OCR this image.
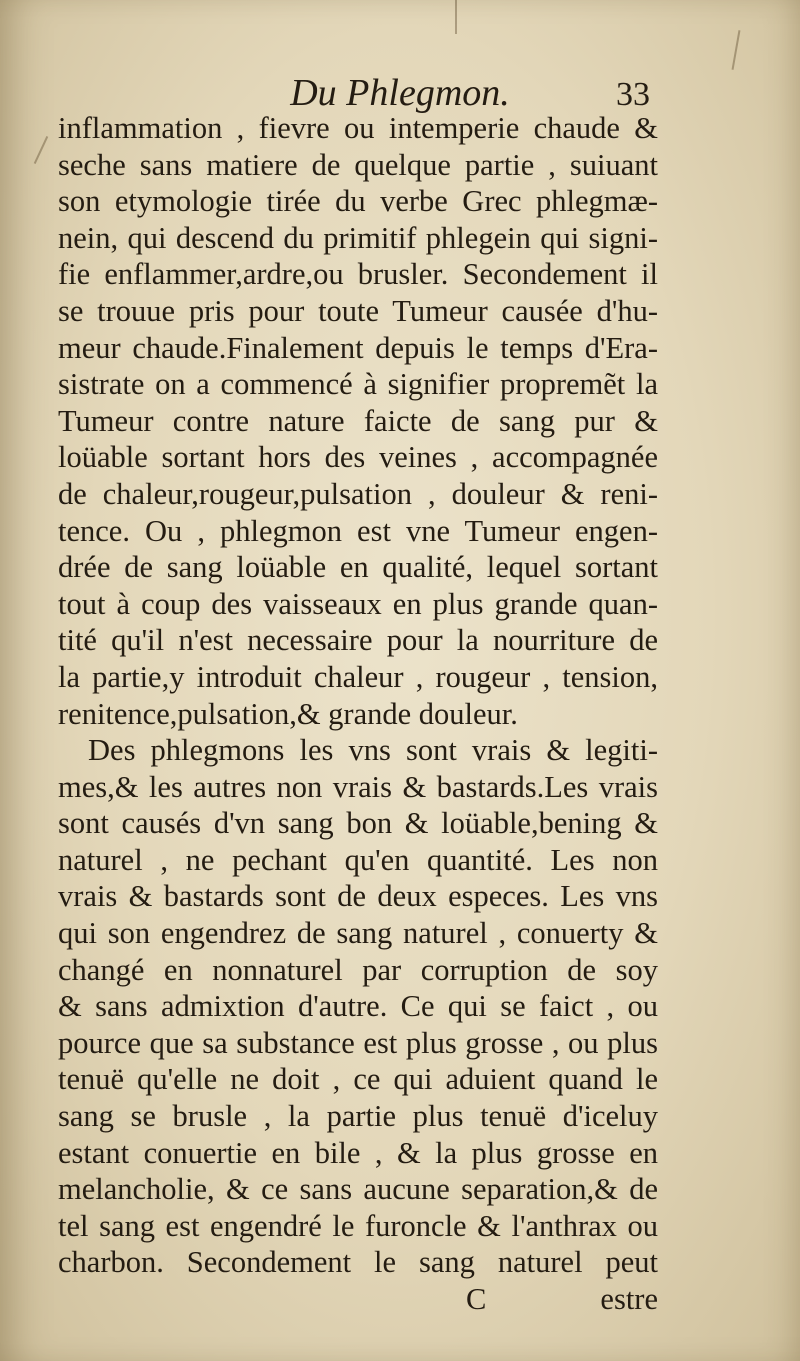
Du Phlegmon.	33
inflammation , fievre ou intemperie chaude &
seche sans matiere de quelque partie , suiuant
son etymologie tirée du verbe Grec phlegmæ-
nein, qui descend du primitif phlegein qui signi-
fie enflammer,ardre,ou brusler. Secondement il
se trouue pris pour toute Tumeur causée d'hu-
meur chaude.Finalement depuis le temps d'Era-
sistrate on a commencé à signifier propremẽt la
Tumeur contre nature faicte de sang pur &
loüable sortant hors des veines , accompagnée
de chaleur,rougeur,pulsation , douleur & reni-
tence. Ou , phlegmon est vne Tumeur engen-
drée de sang loüable en qualité, lequel sortant
tout à coup des vaisseaux en plus grande quan-
tité qu'il n'est necessaire pour la nourriture de
la partie,y introduit chaleur , rougeur , tension,
renitence,pulsation,& grande douleur.
Des phlegmons les vns sont vrais & legiti-
mes,& les autres non vrais & bastards.Les vrais
sont causés d'vn sang bon & loüable,bening &
naturel , ne pechant qu'en quantité. Les non
vrais & bastards sont de deux especes. Les vns
qui son engendrez de sang naturel , conuerty &
changé en nonnaturel par corruption de soy
& sans admixtion d'autre. Ce qui se faict , ou
pource que sa substance est plus grosse , ou plus
tenuë qu'elle ne doit , ce qui aduient quand le
sang se brusle , la partie plus tenuë d'iceluy
estant conuertie en bile , & la plus grosse en
melancholie, & ce sans aucune separation,& de
tel sang est engendré le furoncle & l'anthrax ou
charbon. Secondement le sang naturel peut
C	estre
